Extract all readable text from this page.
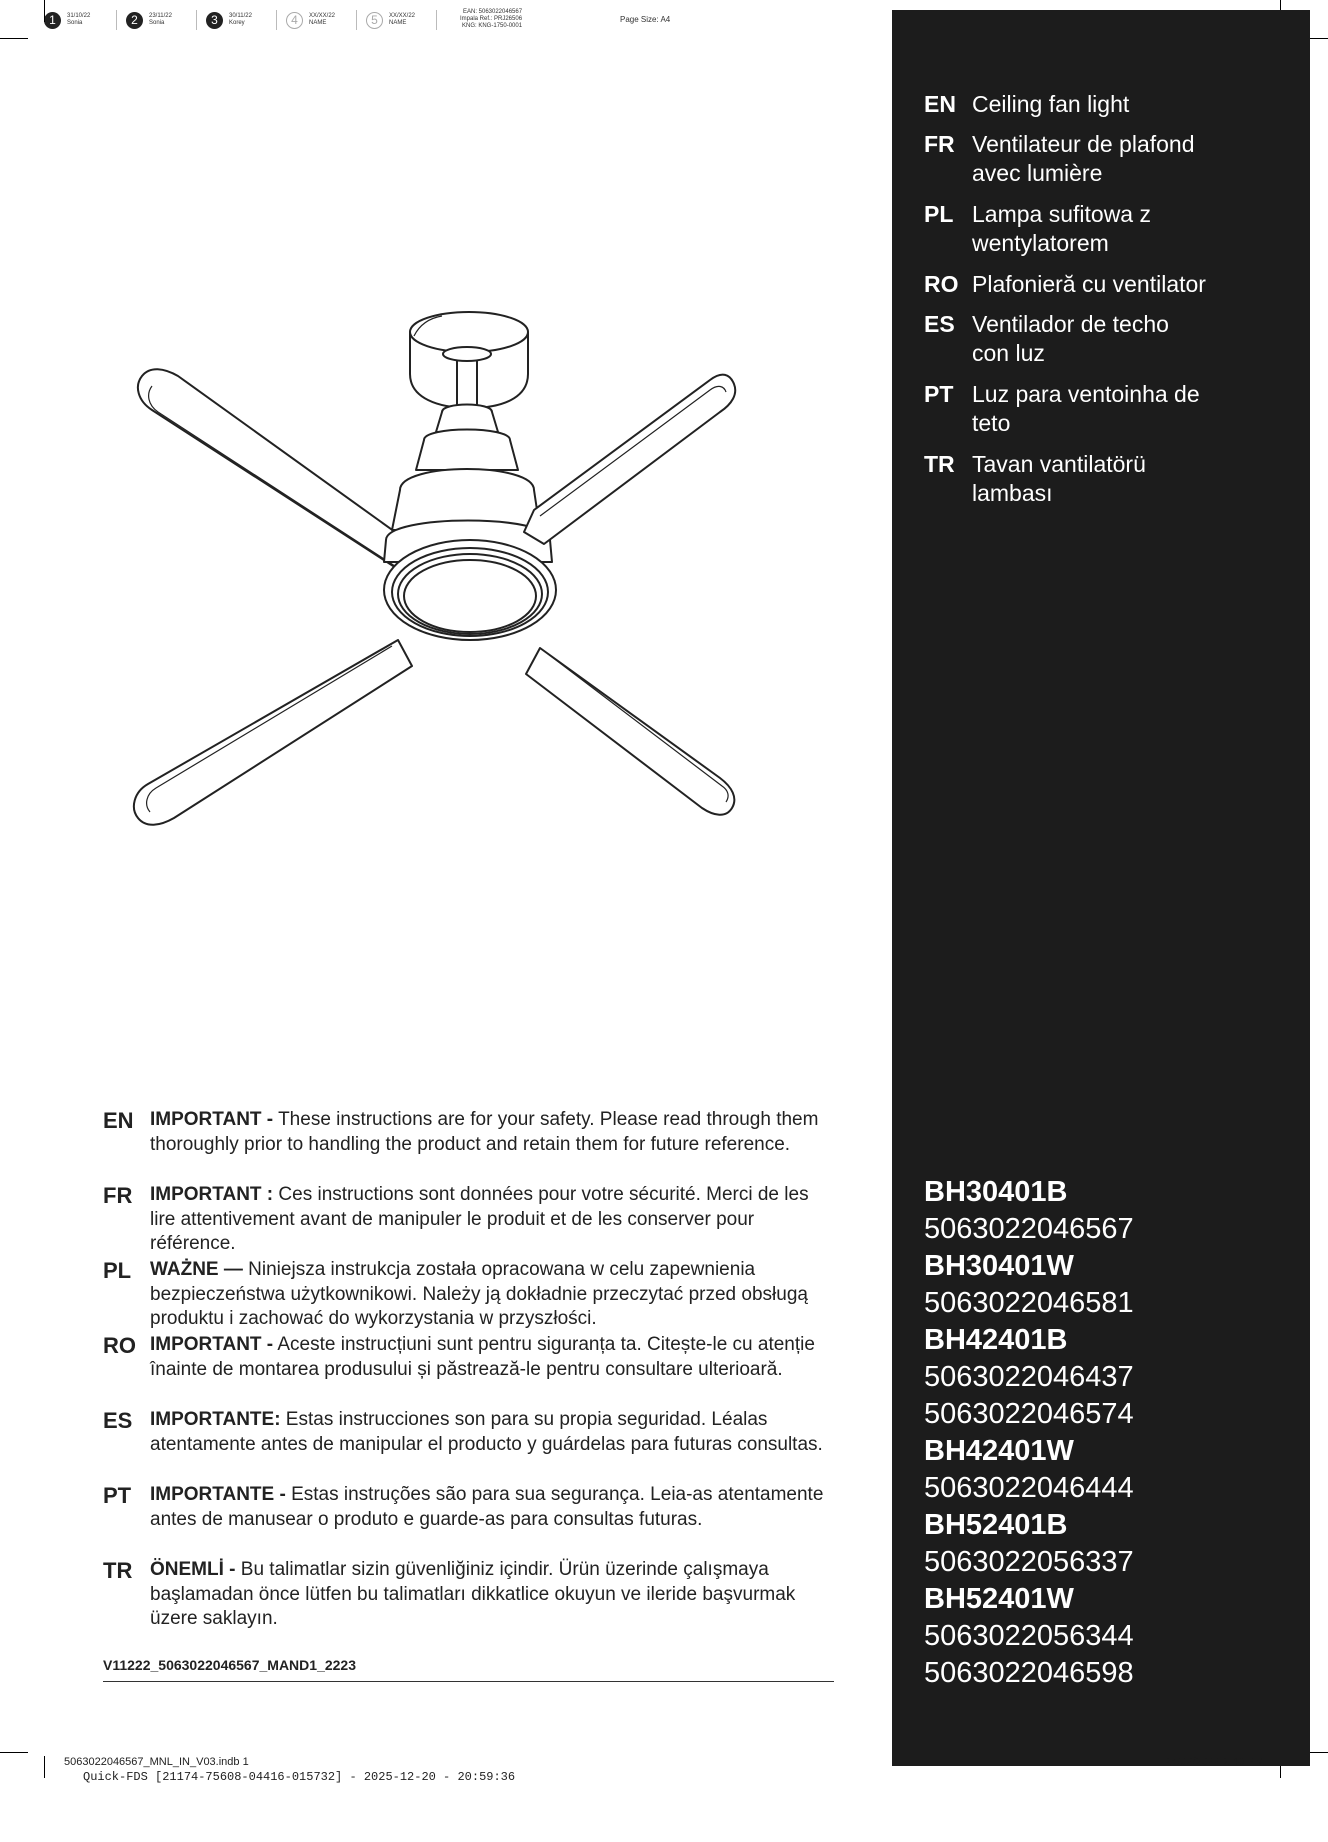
1	31/10/22
Sonia	2	23/11/22
Sonia	3	30/11/22
Korey	4	XX/XX/22
NAME	5	XX/XX/22
NAME
EAN: 5063022046567
Impala Ref.: PRJ26506
KNG: KNG-1750-0001
Page Size: A4
EN Ceiling fan light
FR Ventilateur de plafond avec lumière
PL Lampa sufitowa z wentylatorem
RO Plafonieră cu ventilator
ES Ventilador de techo con luz
PT Luz para ventoinha de teto
TR Tavan vantilatörü lambası
BH30401B
5063022046567
BH30401W
5063022046581
BH42401B
5063022046437
5063022046574
BH42401W
5063022046444
BH52401B
5063022056337
BH52401W
5063022056344
5063022046598
EN IMPORTANT - These instructions are for your safety. Please read through them thoroughly prior to handling the product and retain them for future reference.
FR IMPORTANT : Ces instructions sont données pour votre sécurité. Merci de les lire attentivement avant de manipuler le produit et de les conserver pour référence.
PL WAŻNE — Niniejsza instrukcja została opracowana w celu zapewnienia bezpieczeństwa użytkownikowi. Należy ją dokładnie przeczytać przed obsługą produktu i zachować do wykorzystania w przyszłości.
RO IMPORTANT - Aceste instrucțiuni sunt pentru siguranța ta. Citește-le cu atenție înainte de montarea produsului și păstrează-le pentru consultare ulterioară.
ES IMPORTANTE: Estas instrucciones son para su propia seguridad. Léalas atentamente antes de manipular el producto y guárdelas para futuras consultas.
PT IMPORTANTE - Estas instruções são para sua segurança. Leia-as atentamente antes de manusear o produto e guarde-as para consultas futuras.
TR ÖNEMLİ - Bu talimatlar sizin güvenliğiniz içindir. Ürün üzerinde çalışmaya başlamadan önce lütfen bu talimatları dikkatlice okuyun ve ileride başvurmak üzere saklayın.
V11222_5063022046567_MAND1_2223
5063022046567_MNL_IN_V03.indb 1
Quick-FDS [21174-75608-04416-015732] - 2025-12-20 - 20:59:36
24/02/2022 2:40 PM
